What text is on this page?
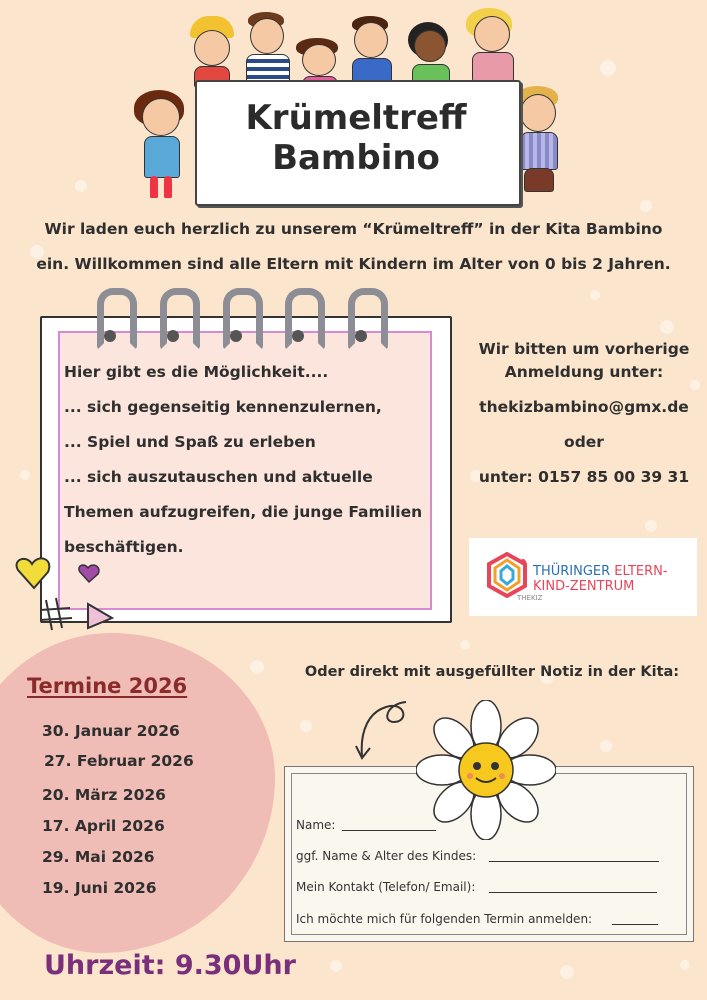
Krümeltreff
Bambino
Wir laden euch herzlich zu unserem “Krümeltreff” in der Kita Bambino
ein. Willkommen sind alle Eltern mit Kindern im Alter von 0 bis 2 Jahren.
Hier gibt es die Möglichkeit....
... sich gegenseitig kennenzulernen,
... Spiel und Spaß zu erleben
... sich auszutauschen und aktuelle
Themen aufzugreifen, die junge Familien
beschäftigen.
Wir bitten um vorherige
Anmeldung unter:
thekizbambino@gmx.de
oder
unter: 0157 85 00 39 31
THÜRINGER ELTERN-
KIND-ZENTRUM
THEKIZ
Termine 2026
30. Januar 2026
27. Februar 2026
20. März 2026
17. April 2026
29. Mai 2026
19. Juni 2026
Uhrzeit: 9.30Uhr
Oder direkt mit ausgefüllter Notiz in der Kita:
Name:
ggf. Name & Alter des Kindes:
Mein Kontakt (Telefon/ Email):
Ich möchte mich für folgenden Termin anmelden:
